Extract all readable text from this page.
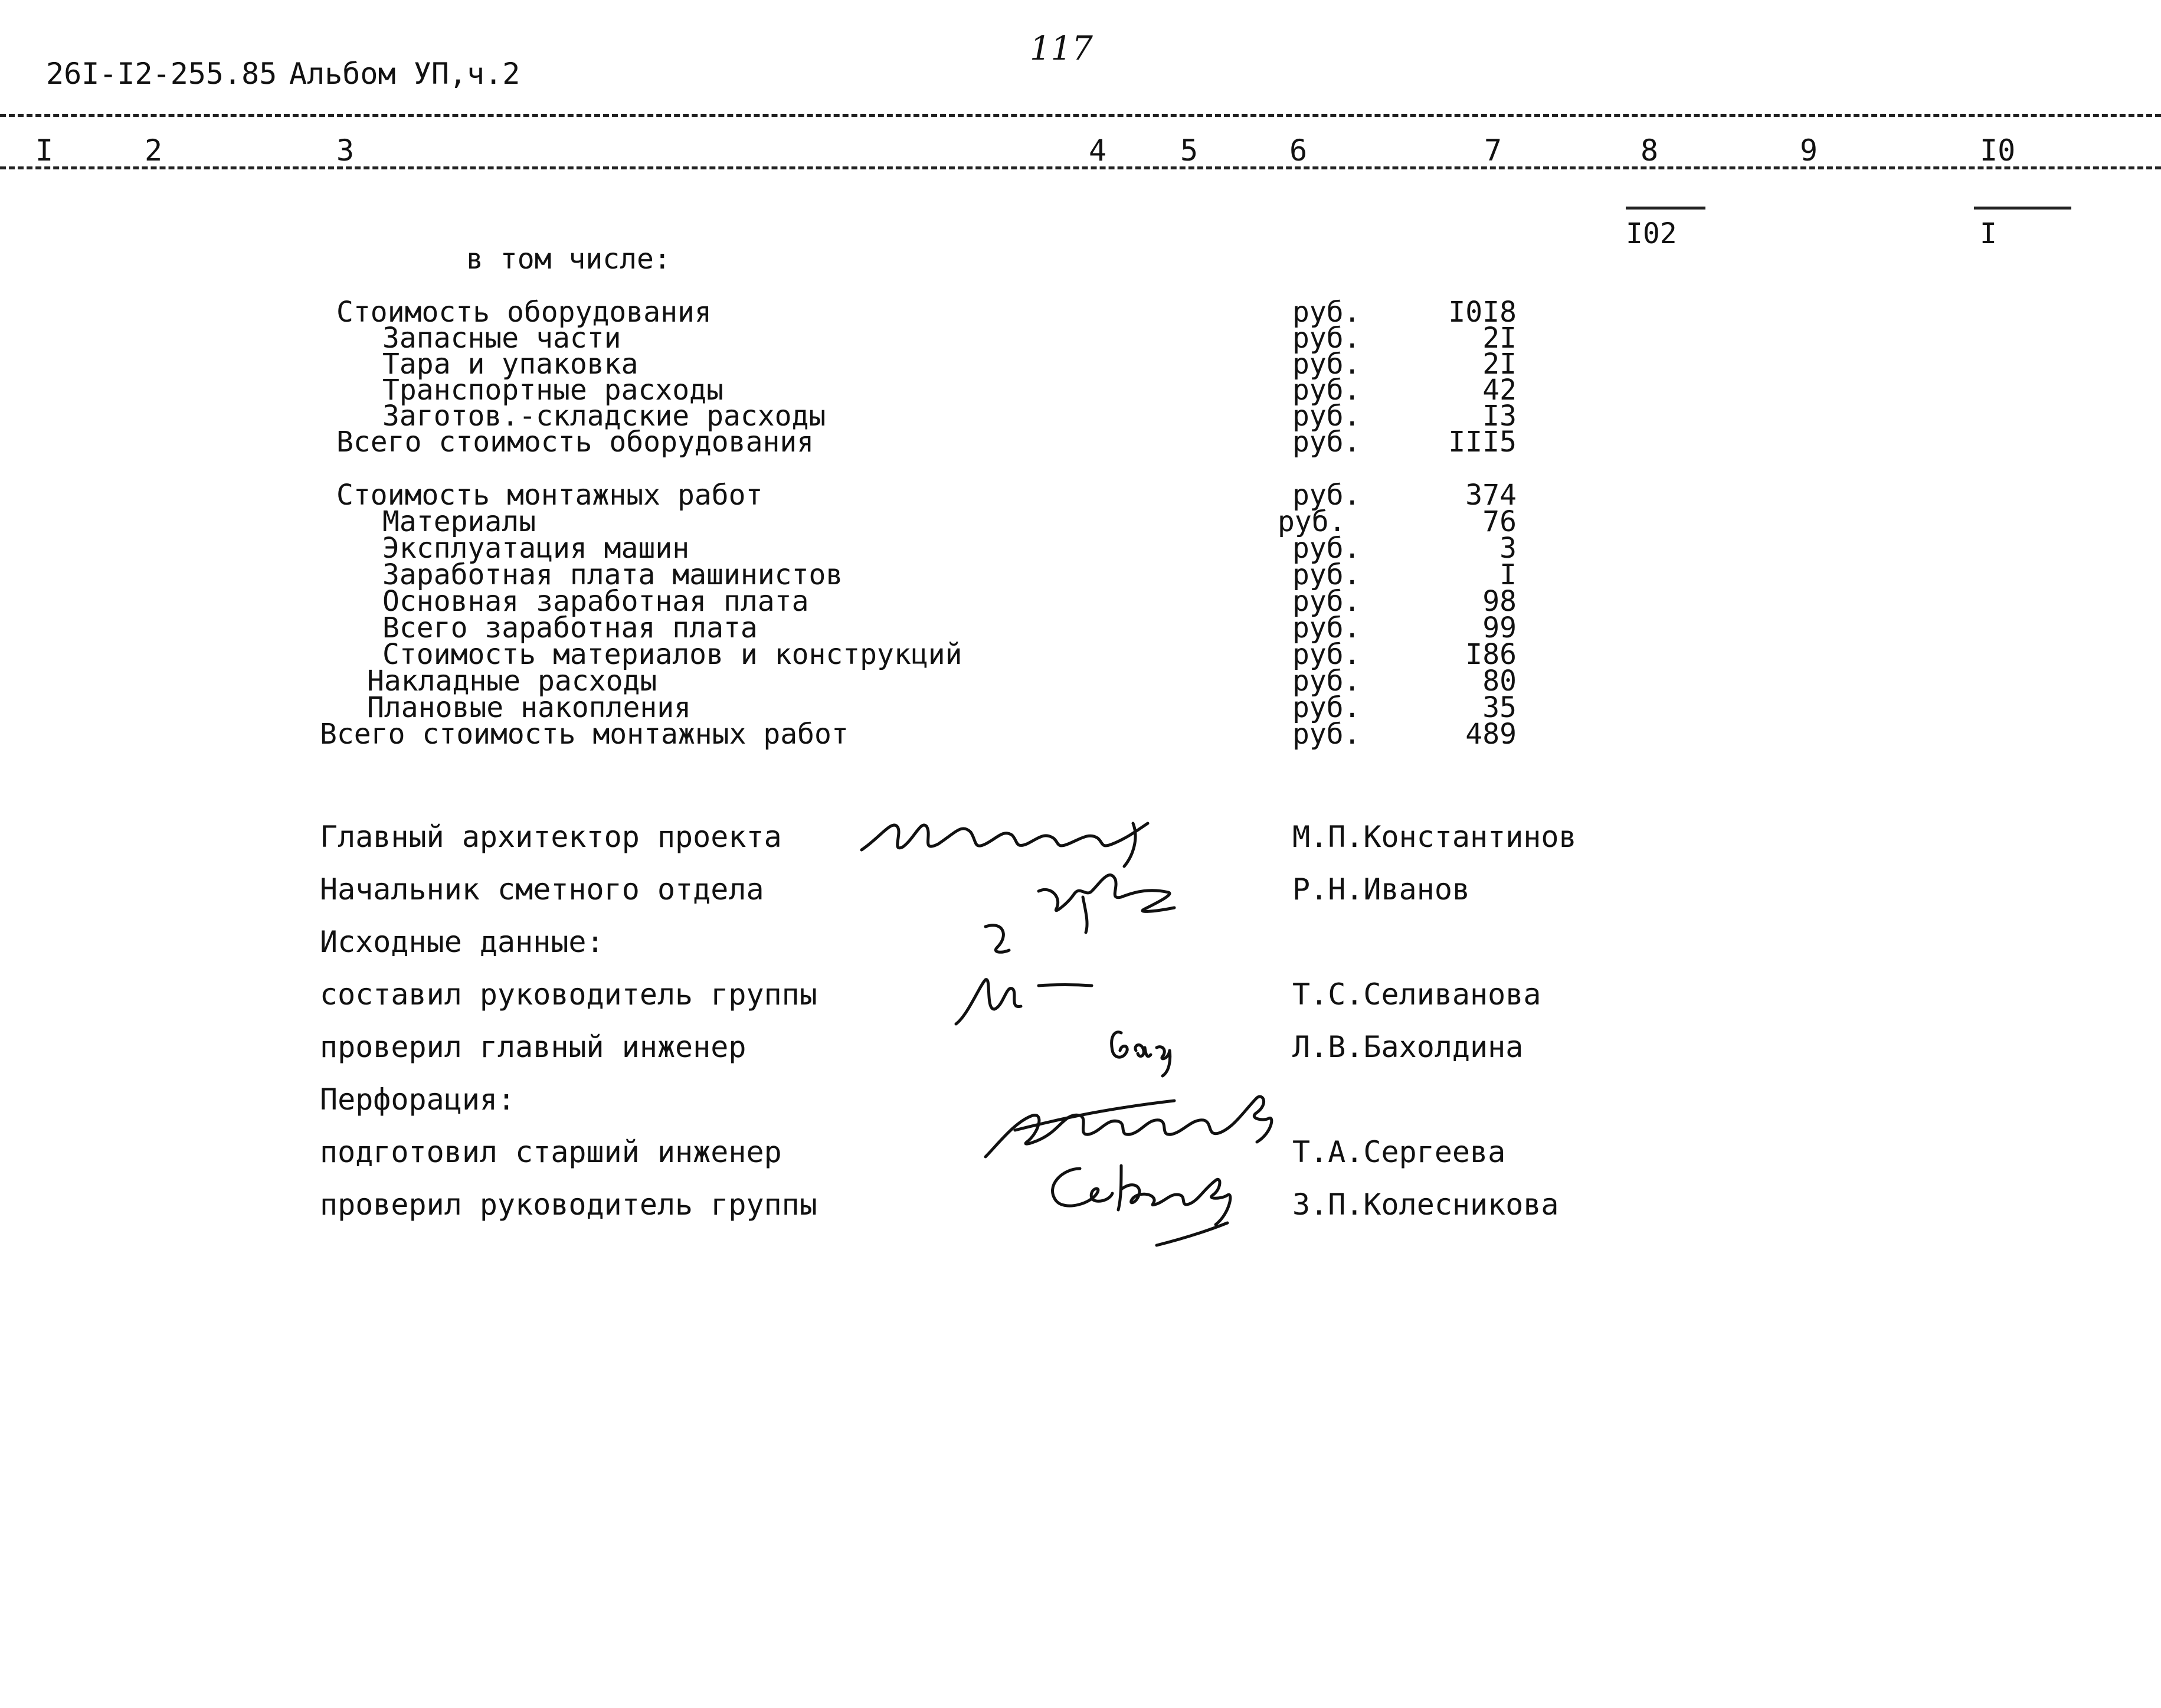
26I-I2-255.85 Альбом УП,ч.2
117
I	2	3	4 5	6	7	8	9	I0
I02	I
в том числе:
Стоимость оборудования	руб.	I0I8
Запасные части	руб.	2I
Тара и упаковка	руб.	2I
Транспортные расходы	руб.	42
Заготов.-складские расходы	руб.	I3
Всего стоимость оборудования	руб.	III5
Стоимость монтажных работ	руб.	374
Материалы	руб.	76
Эксплуатация машин	руб.	3
Заработная плата машинистов	руб.	I
Основная заработная плата	руб.	98
Всего заработная плата	руб.	99
Стоимость материалов и конструкций	руб.	I86
Накладные расходы	руб.	80
Плановые накопления	руб.	35
Всего стоимость монтажных работ	руб.	489
Главный архитектор проекта	М.П.Константинов
Начальник сметного отдела	Р.Н.Иванов
Исходные данные:
составил руководитель группы	Т.С.Селиванова
проверил главный инженер	Л.В.Бахолдина
Перфорация:
подготовил старший инженер	Т.А.Сергеева
проверил руководитель группы	З.П.Колесникова
